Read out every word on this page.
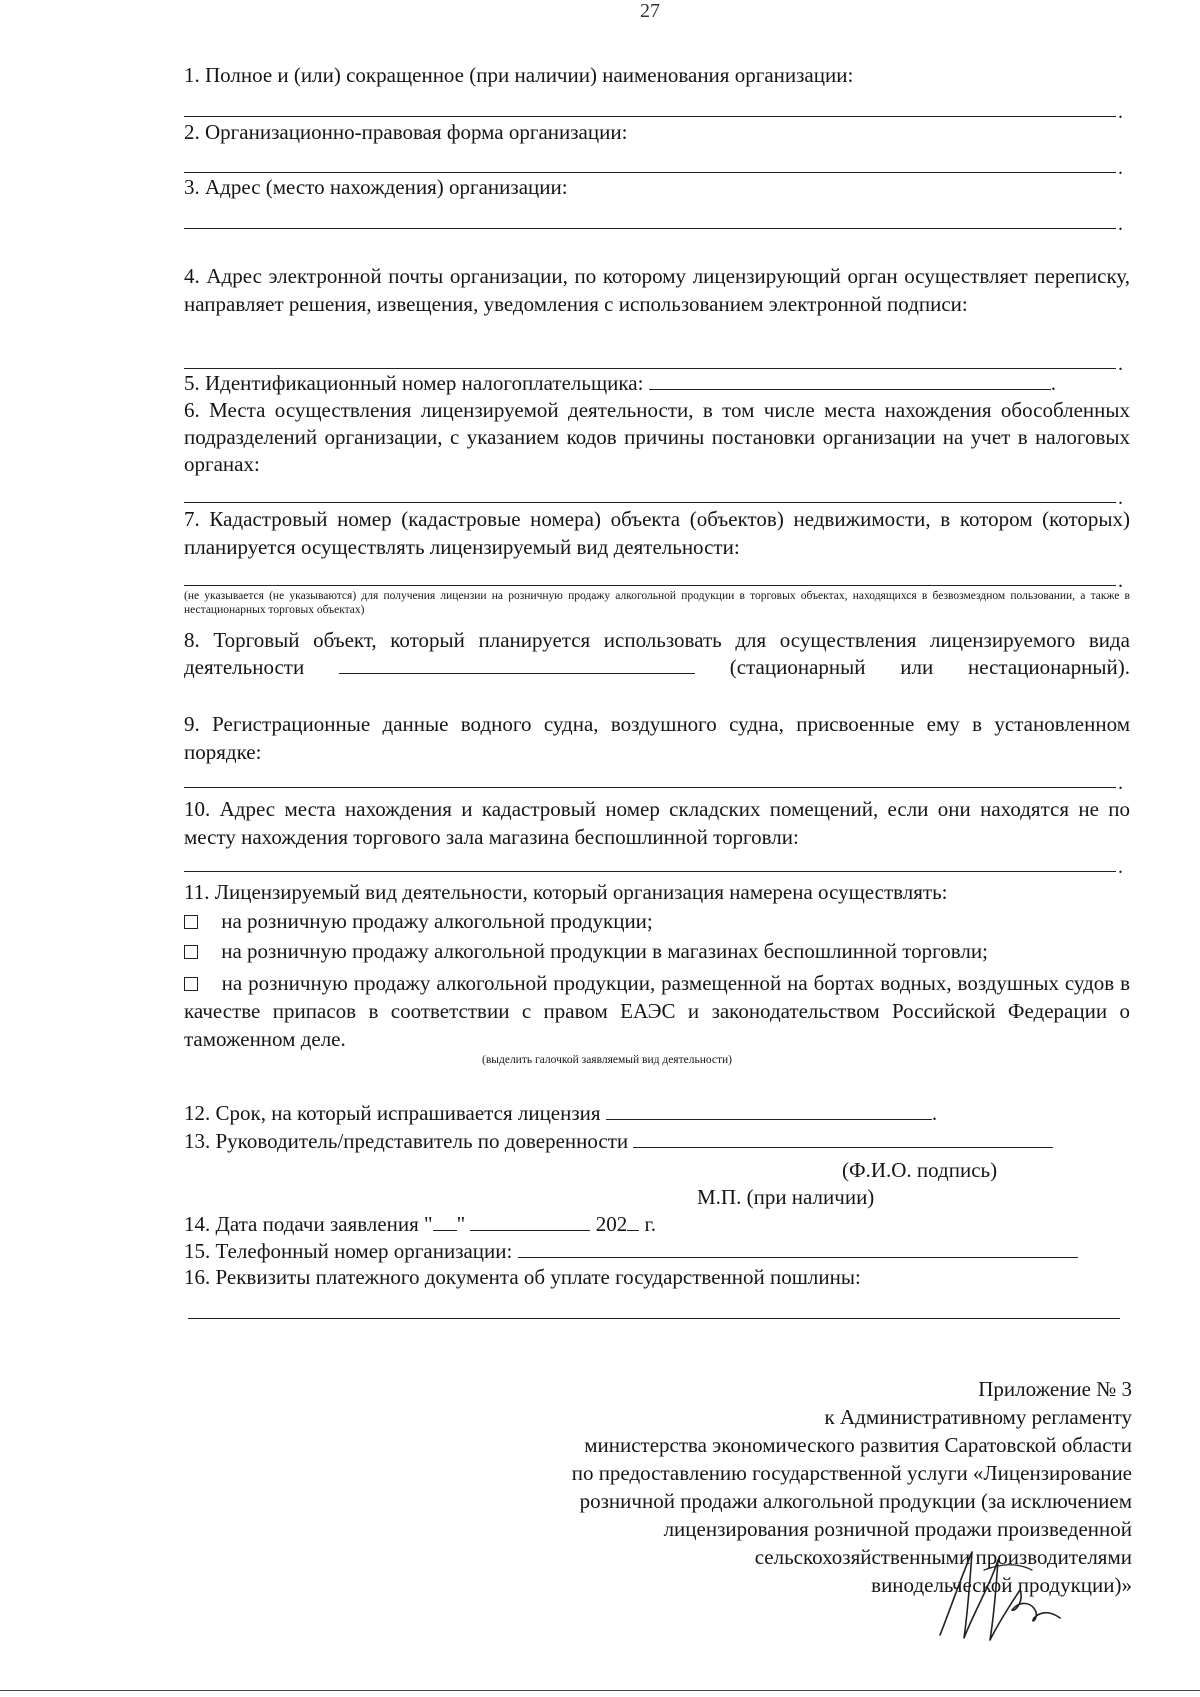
27
1. Полное и (или) сокращенное (при наличии) наименования организации:
.
2. Организационно-правовая форма организации:
.
3. Адрес (место нахождения) организации:
.
4. Адрес электронной почты организации, по которому лицензирующий орган осуществляет переписку, направляет решения, извещения, уведомления с использованием электронной подписи:
.
5. Идентификационный номер налогоплательщика:	.
6. Места осуществления лицензируемой деятельности, в том числе места нахождения обособленных подразделений организации, с указанием кодов причины постановки организации на учет в налоговых органах:
.
7. Кадастровый номер (кадастровые номера) объекта (объектов) недвижимости, в котором (которых) планируется осуществлять лицензируемый вид деятельности:
.
(не указывается (не указываются) для получения лицензии на розничную продажу алкогольной продукции в торговых объектах, находящихся в безвозмездном пользовании, а также в нестационарных торговых объектах)
8. Торговый объект, который планируется использовать для осуществления лицензируемого вида деятельности	(стационарный или нестационарный).
9. Регистрационные данные водного судна, воздушного судна, присвоенные ему в установленном порядке:
.
10. Адрес места нахождения и кадастровый номер складских помещений, если они находятся не по месту нахождения торгового зала магазина беспошлинной торговли:
.
11. Лицензируемый вид деятельности, который организация намерена осуществлять:
на розничную продажу алкогольной продукции;
на розничную продажу алкогольной продукции в магазинах беспошлинной торговли;
на розничную продажу алкогольной продукции, размещенной на бортах водных, воздушных судов в качестве припасов в соответствии с правом ЕАЭС и законодательством Российской Федерации о таможенном деле.
(выделить галочкой заявляемый вид деятельности)
12. Срок, на который испрашивается лицензия	.
13. Руководитель/представитель по доверенности
(Ф.И.О. подпись)
М.П. (при наличии)
14. Дата подачи заявления " "	202 г.
15. Телефонный номер организации:
16. Реквизиты платежного документа об уплате государственной пошлины:
Приложение № 3
к Административному регламенту
министерства экономического развития Саратовской области
по предоставлению государственной услуги «Лицензирование
розничной продажи алкогольной продукции (за исключением
лицензирования розничной продажи произведенной
сельскохозяйственными производителями
винодельческой продукции)»
